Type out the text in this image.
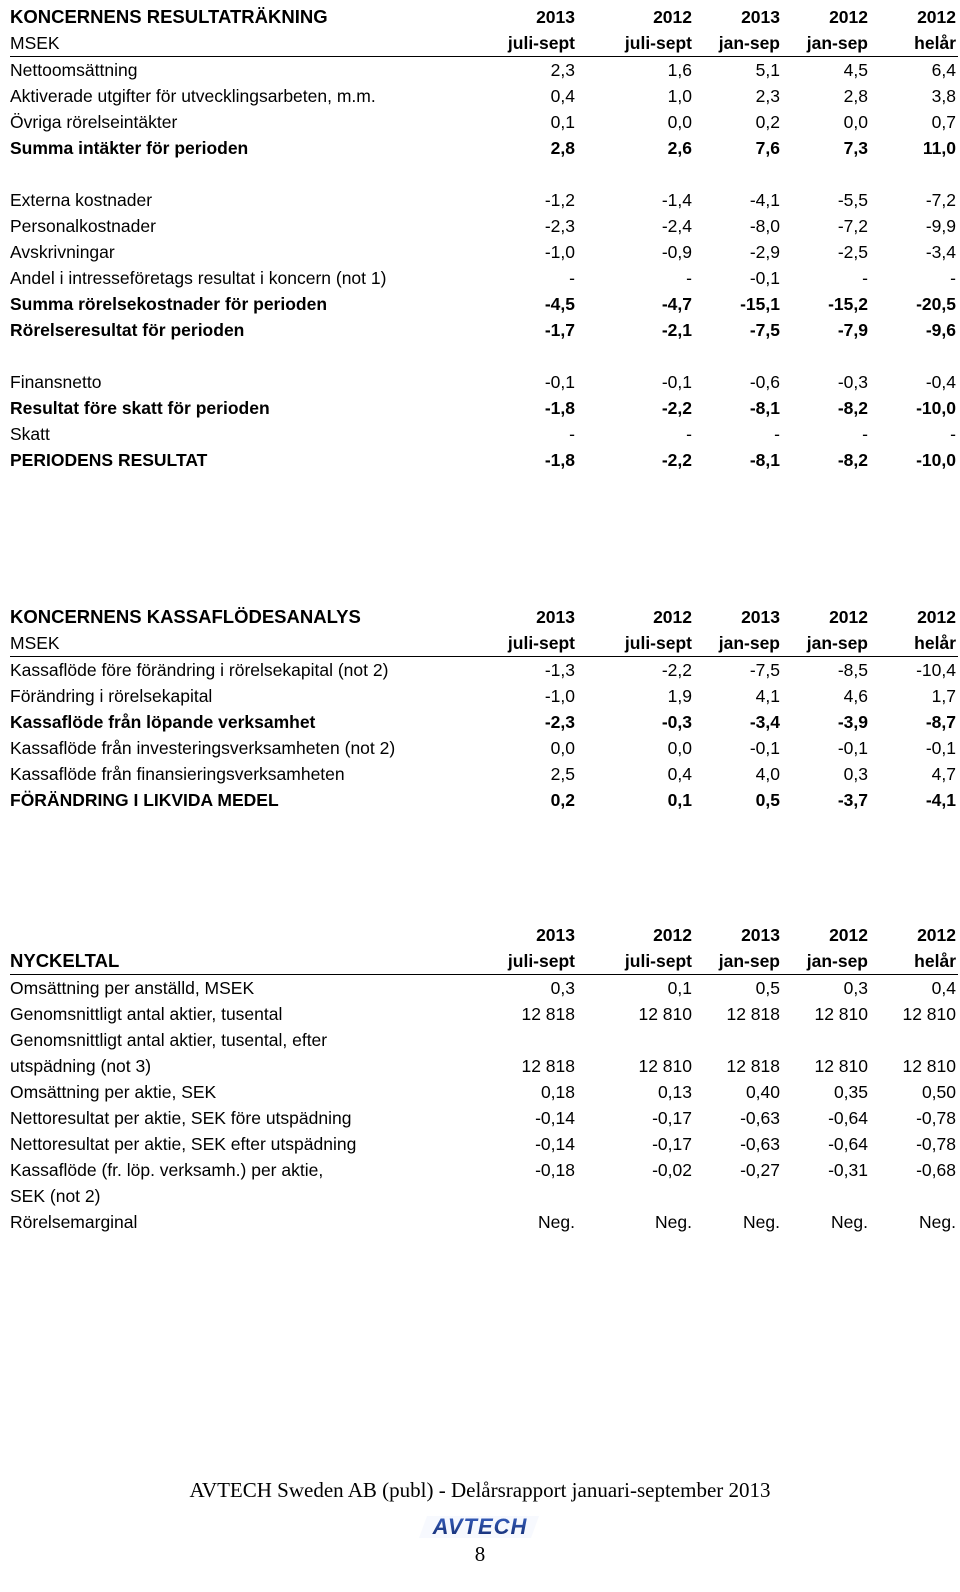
KONCERNENS RESULTATRÄKNING	2013	2012	2013	2012	2012
MSEK	juli-sept	juli-sept	jan-sep	jan-sep	helår
Nettoomsättning	2,3	1,6	5,1	4,5	6,4
Aktiverade utgifter för utvecklingsarbeten, m.m.	0,4	1,0	2,3	2,8	3,8
Övriga rörelseintäkter	0,1	0,0	0,2	0,0	0,7
Summa intäkter för perioden	2,8	2,6	7,6	7,3	11,0

Externa kostnader	-1,2	-1,4	-4,1	-5,5	-7,2
Personalkostnader	-2,3	-2,4	-8,0	-7,2	-9,9
Avskrivningar	-1,0	-0,9	-2,9	-2,5	-3,4
Andel i intresseföretags resultat i koncern (not 1)	-	-	-0,1	-	-
Summa rörelsekostnader för perioden	-4,5	-4,7	-15,1	-15,2	-20,5
Rörelseresultat för perioden	-1,7	-2,1	-7,5	-7,9	-9,6

Finansnetto	-0,1	-0,1	-0,6	-0,3	-0,4
Resultat före skatt för perioden	-1,8	-2,2	-8,1	-8,2	-10,0
Skatt	-	-	-	-	-
PERIODENS RESULTAT	-1,8	-2,2	-8,1	-8,2	-10,0
KONCERNENS KASSAFLÖDESANALYS	2013	2012	2013	2012	2012
MSEK	juli-sept	juli-sept	jan-sep	jan-sep	helår
Kassaflöde före förändring i rörelsekapital (not 2)	-1,3	-2,2	-7,5	-8,5	-10,4
Förändring i rörelsekapital	-1,0	1,9	4,1	4,6	1,7
Kassaflöde från löpande verksamhet	-2,3	-0,3	-3,4	-3,9	-8,7
Kassaflöde från investeringsverksamheten (not 2)	0,0	0,0	-0,1	-0,1	-0,1
Kassaflöde från finansieringsverksamheten	2,5	0,4	4,0	0,3	4,7
FÖRÄNDRING I LIKVIDA MEDEL	0,2	0,1	0,5	-3,7	-4,1
	2013	2012	2013	2012	2012
NYCKELTAL	juli-sept	juli-sept	jan-sep	jan-sep	helår
Omsättning per anställd, MSEK	0,3	0,1	0,5	0,3	0,4
Genomsnittligt antal aktier, tusental	12 818	12 810	12 818	12 810	12 810
Genomsnittligt antal aktier, tusental, efter					
utspädning (not 3)	12 818	12 810	12 818	12 810	12 810
Omsättning per aktie, SEK	0,18	0,13	0,40	0,35	0,50
Nettoresultat per aktie, SEK före utspädning	-0,14	-0,17	-0,63	-0,64	-0,78
Nettoresultat per aktie, SEK efter utspädning	-0,14	-0,17	-0,63	-0,64	-0,78
Kassaflöde (fr. löp. verksamh.) per aktie,	-0,18	-0,02	-0,27	-0,31	-0,68
SEK (not 2)					
Rörelsemarginal	Neg.	Neg.	Neg.	Neg.	Neg.
AVTECH Sweden AB (publ) - Delårsrapport januari-september 2013
AVTECH
8
